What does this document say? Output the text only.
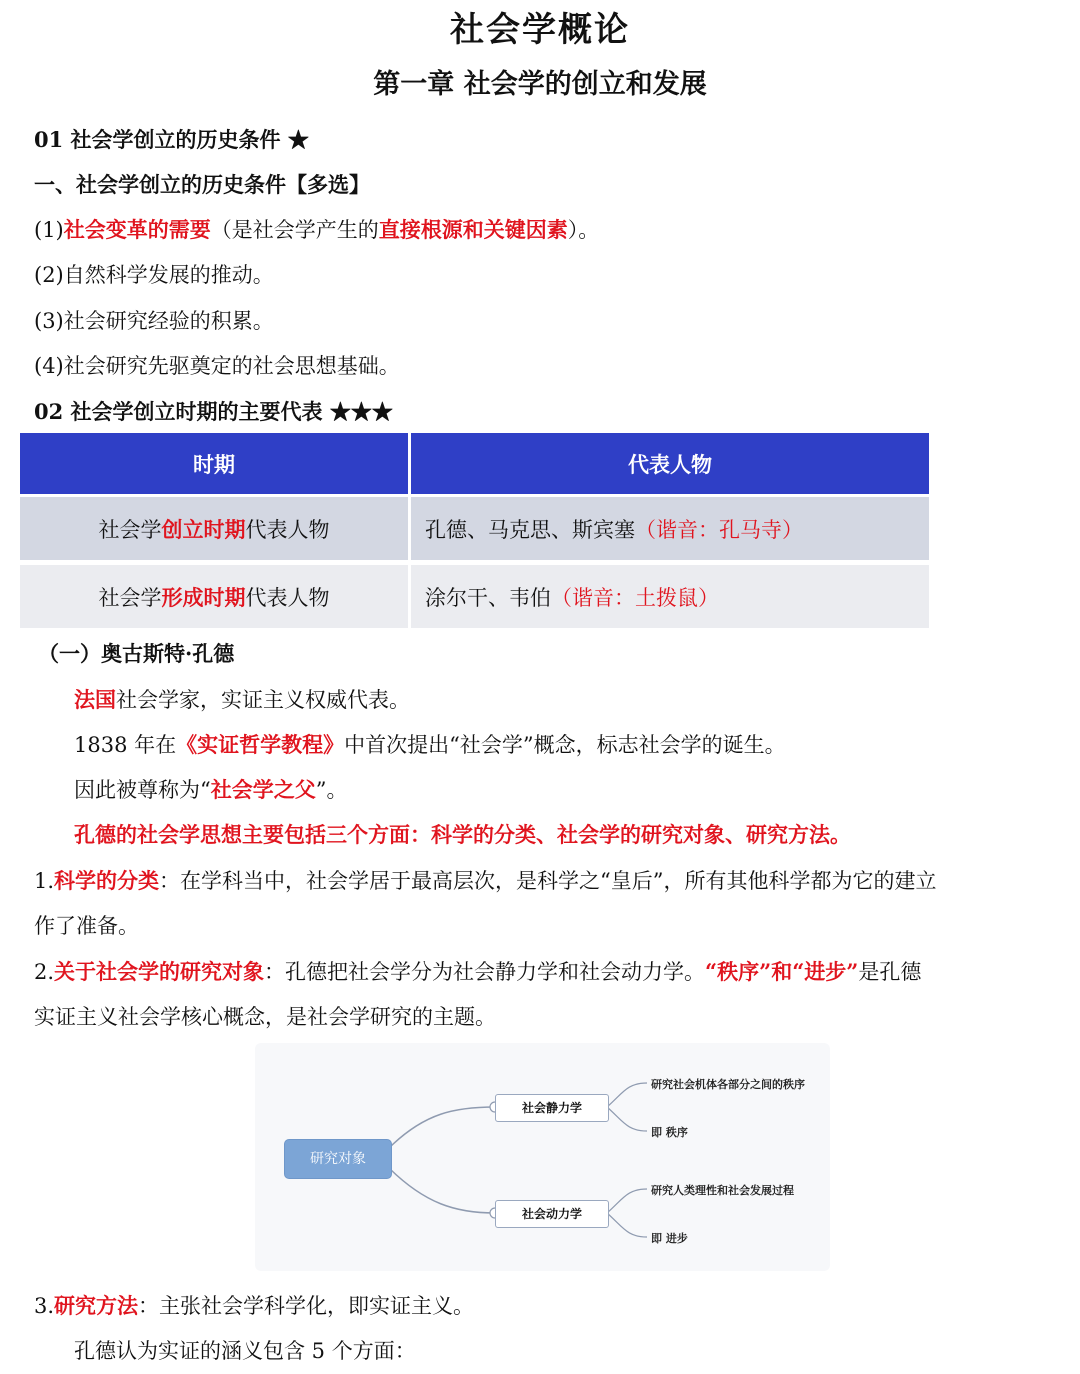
社会学概论
第一章 社会学的创立和发展
01 社会学创立的历史条件 ★
一、社会学创立的历史条件【多选】
(1)社会变革的需要（是社会学产生的直接根源和关键因素）。
(2)自然科学发展的推动。
(3)社会研究经验的积累。
(4)社会研究先驱奠定的社会思想基础。
02 社会学创立时期的主要代表 ★★★
时期	代表人物
社会学创立时期代表人物	孔德、马克思、斯宾塞（谐音：孔马寺）
社会学形成时期代表人物	涂尔干、韦伯（谐音：土拨鼠）
（一）奥古斯特·孔德
法国社会学家，实证主义权威代表。
1838 年在《实证哲学教程》中首次提出“社会学”概念，标志社会学的诞生。
因此被尊称为“社会学之父”。
孔德的社会学思想主要包括三个方面：科学的分类、社会学的研究对象、研究方法。
1.科学的分类：在学科当中，社会学居于最高层次，是科学之“皇后”，所有其他科学都为它的建立
作了准备。
2.关于社会学的研究对象：孔德把社会学分为社会静力学和社会动力学。“秩序”和“进步”是孔德
实证主义社会学核心概念，是社会学研究的主题。
研究对象
社会静力学
社会动力学
研究社会机体各部分之间的秩序
即 秩序
研究人类理性和社会发展过程
即 进步
3.研究方法：主张社会学科学化，即实证主义。
孔德认为实证的涵义包含 5 个方面：
